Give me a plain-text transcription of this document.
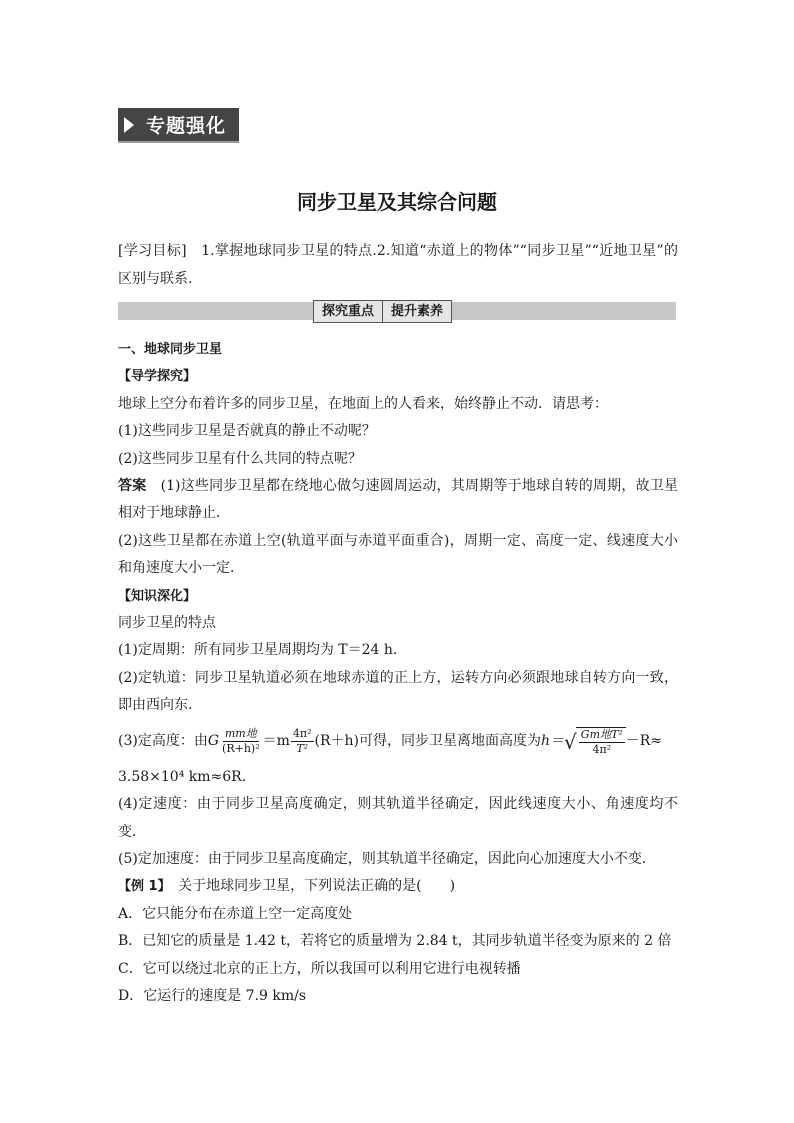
专题强化
同步卫星及其综合问题
[学习目标]　1.掌握地球同步卫星的特点.2.知道“赤道上的物体”“同步卫星”“近地卫星”的区别与联系.
探究重点	提升素养

一、地球同步卫星

【 导学探究 】

地球上空分布着许多的同步卫星，在地面上的人看来，始终静止不动．请思考：

(1)这些同步卫星是否就真的静止不动呢？

(2)这些同步卫星有什么共同的特点呢？

答案　(1)这些同步卫星都在绕地心做匀速圆周运动，其周期等于地球自转的周期，故卫星相对于地球静止．

(2)这些卫星都在赤道上空(轨道平面与赤道平面重合)，周期一定、高度一定、线速度大小和角速度大小一定．

【 知识深化 】

同步卫星的特点

(1)定周期：所有同步卫星周期均为 T＝24 h.

(2)定轨道：同步卫星轨道必须在地球赤道的正上方，运转方向必须跟地球自转方向一致，即由西向东．

(3)定高度：由 G $\frac{\text{mm地}}{\text{(R+h)²}} =m \frac{\text{4π²}}{\text{T²}} (R+h)$可得，同步卫星离地面高度为 h＝ √ $\frac{\text{Gm地T²}}{\text{4π²}} -R\approx$

3.58×10⁴ km≈6R.

(4)定速度：由于同步卫星高度确定，则其轨道半径确定，因此线速度大小、角速度均不变．

(5)定加速度：由于同步卫星高度确定，则其轨道半径确定，因此向心加速度大小不变．

【 例 1 】　关于地球同步卫星，下列说法正确的是(　　)

A．它只能分布在赤道上空一定高度处

B．已知它的质量是 1.42 t，若将它的质量增为 2.84 t，其同步轨道半径变为原来的 2 倍

C．它可以绕过北京的正上方，所以我国可以利用它进行电视转播

D．它运行的速度是 7.9 km/s
